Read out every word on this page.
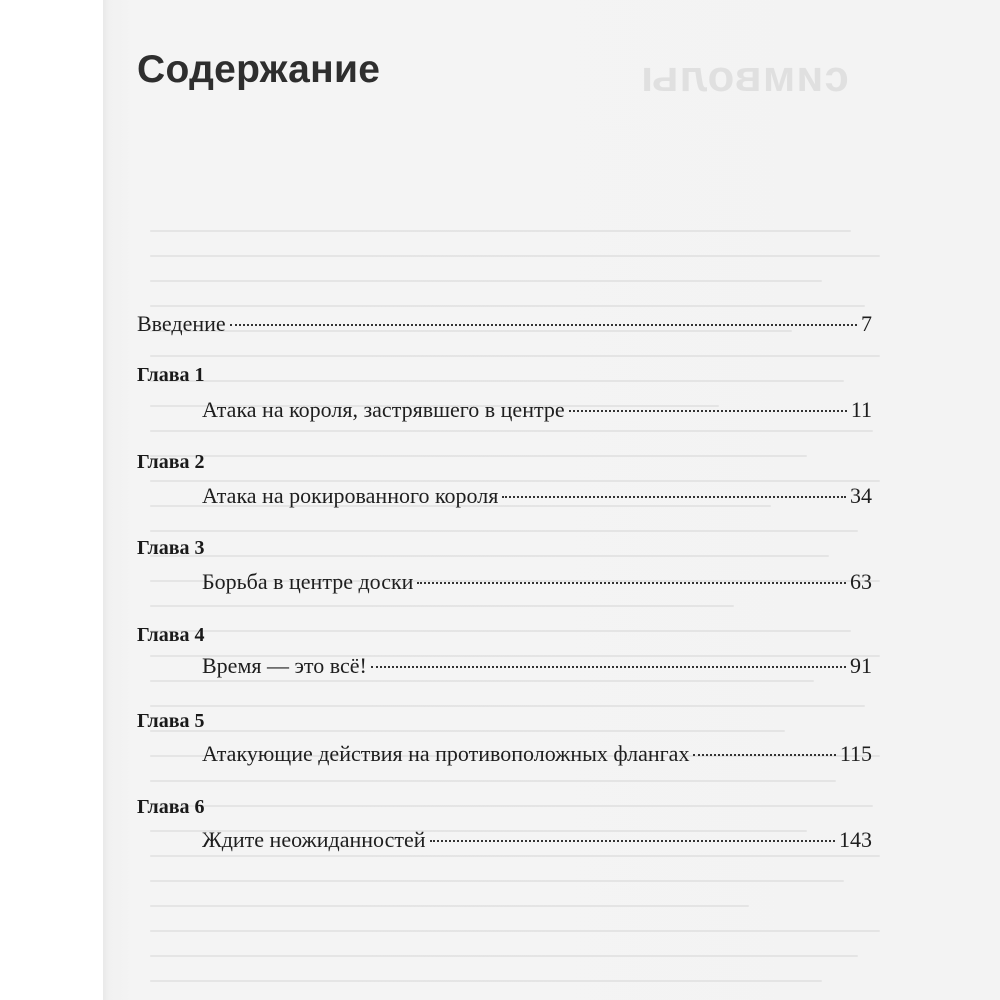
символы
Содержание
Введение	7
Глава 1
Атака на короля, застрявшего в центре	11
Глава 2
Атака на рокированного короля	34
Глава 3
Борьба в центре доски	63
Глава 4
Время — это всё!	91
Глава 5
Атакующие действия на противоположных флангах	115
Глава 6
Ждите неожиданностей	143
